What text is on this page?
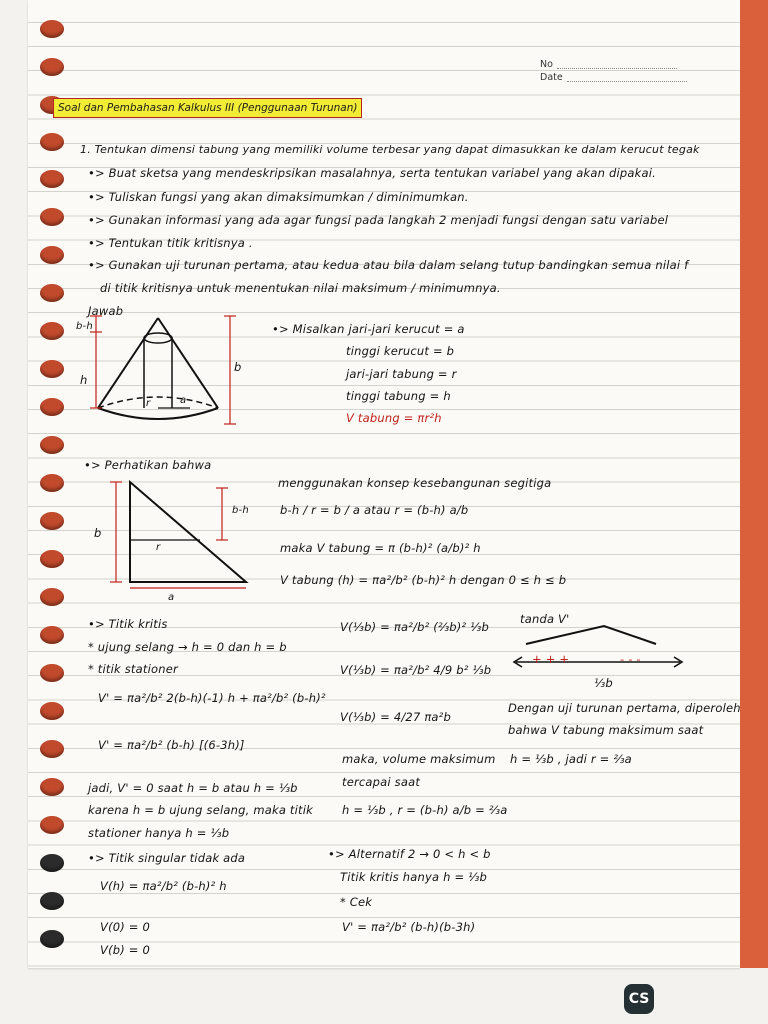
No
Date
Soal dan Pembahasan Kalkulus III (Penggunaan Turunan)
1. Tentukan dimensi tabung yang memiliki volume terbesar yang dapat dimasukkan ke dalam kerucut tegak
•> Buat sketsa yang mendeskripsikan masalahnya, serta tentukan variabel yang akan dipakai.
•> Tuliskan fungsi yang akan dimaksimumkan / diminimumkan.
•> Gunakan informasi yang ada agar fungsi pada langkah 2 menjadi fungsi dengan satu variabel
•> Tentukan titik kritisnya .
•> Gunakan uji turunan pertama, atau kedua atau bila dalam selang tutup bandingkan semua nilai f
di titik kritisnya untuk menentukan nilai maksimum / minimumnya.
Jawab
b-h
h
b
r	a
•> Misalkan jari-jari kerucut = a
tinggi kerucut = b
jari-jari tabung = r
tinggi tabung = h
V tabung = πr²h
•> Perhatikan bahwa
b-h
b
r
a
menggunakan konsep kesebangunan segitiga
b-h / r = b / a atau r = (b-h) a/b
maka V tabung = π (b-h)² (a/b)² h
V tabung (h) = πa²/b² (b-h)² h dengan 0 ≤ h ≤ b
•> Titik kritis
* ujung selang → h = 0 dan h = b
* titik stationer
V' = πa²/b² 2(b-h)(-1) h + πa²/b² (b-h)²
V' = πa²/b² (b-h) [(6-3h)]
jadi, V' = 0 saat h = b atau h = ⅓b
karena h = b ujung selang, maka titik
stationer hanya h = ⅓b
•> Titik singular tidak ada
V(h) = πa²/b² (b-h)² h
V(0) = 0
V(b) = 0
V(⅓b) = πa²/b² (⅔b)² ⅓b
V(⅓b) = πa²/b² 4/9 b² ⅓b
V(⅓b) = 4/27 πa²b
maka, volume maksimum
tercapai saat
h = ⅓b , r = (b-h) a/b = ⅔a
•> Alternatif 2 → 0 < h < b
Titik kritis hanya h = ⅓b
* Cek
V' = πa²/b² (b-h)(b-3h)
tanda V'
+ + +	- - -
⅓b
Dengan uji turunan pertama, diperoleh
bahwa V tabung maksimum saat
h = ⅓b , jadi r = ⅔a
CS
